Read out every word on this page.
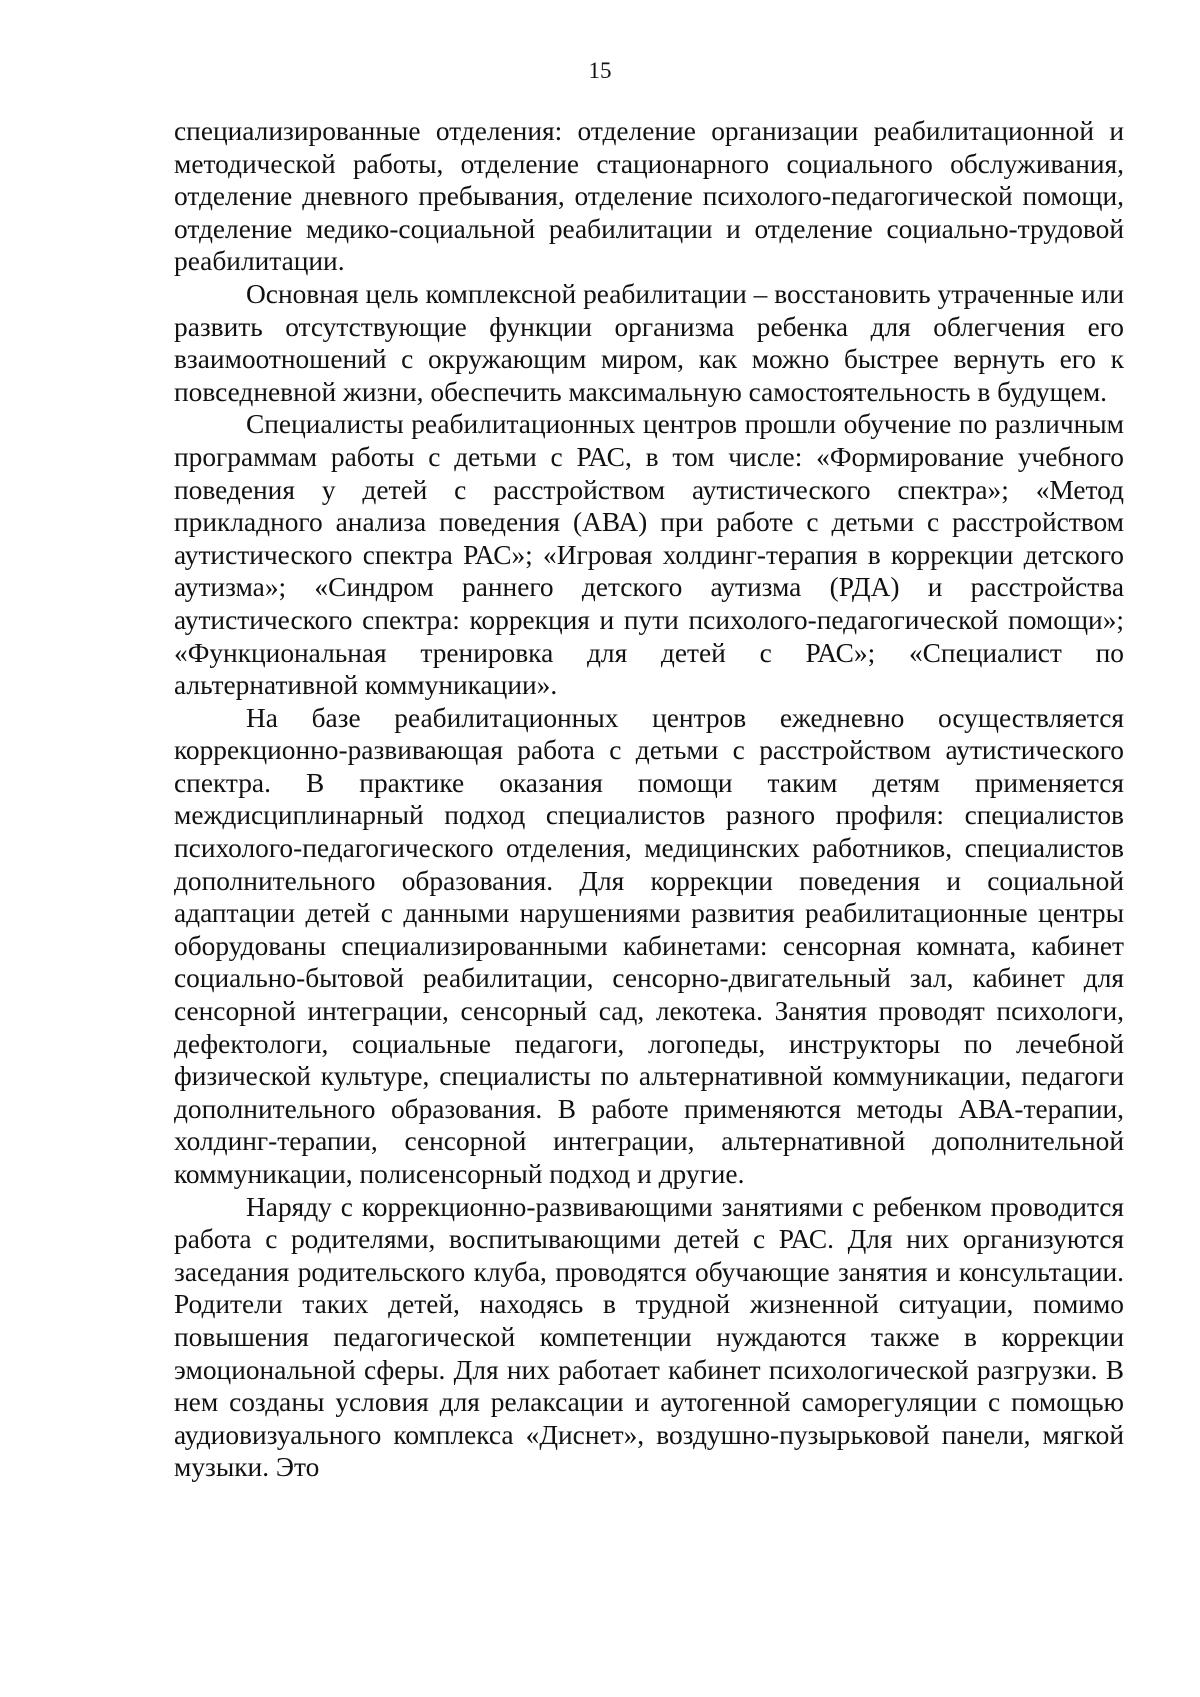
15

специализированные отделения: отделение организации реабилитационной и методической работы, отделение стационарного социального обслуживания, отделение дневного пребывания, отделение психолого-педагогической помощи, отделение медико-социальной реабилитации и отделение социально-трудовой реабилитации.

Основная цель комплексной реабилитации – восстановить утраченные или развить отсутствующие функции организма ребенка для облегчения его взаимоотношений с окружающим миром, как можно быстрее вернуть его к повседневной жизни, обеспечить максимальную самостоятельность в будущем.

Специалисты реабилитационных центров прошли обучение по различным программам работы с детьми с РАС, в том числе: «Формирование учебного поведения у детей с расстройством аутистического спектра»; «Метод прикладного анализа поведения (АВА) при работе с детьми с расстройством аутистического спектра РАС»; «Игровая холдинг-терапия в коррекции детского аутизма»; «Синдром раннего детского аутизма (РДА) и расстройства аутистического спектра: коррекция и пути психолого-педагогической помощи»; «Функциональная тренировка для детей с РАС»; «Специалист по альтернативной коммуникации».

На базе реабилитационных центров ежедневно осуществляется коррекционно-развивающая работа с детьми с расстройством аутистического спектра. В практике оказания помощи таким детям применяется междисциплинарный подход специалистов разного профиля: специалистов психолого-педагогического отделения, медицинских работников, специалистов дополнительного образования. Для коррекции поведения и социальной адаптации детей с данными нарушениями развития реабилитационные центры оборудованы специализированными кабинетами: сенсорная комната, кабинет социально-бытовой реабилитации, сенсорно-двигательный зал, кабинет для сенсорной интеграции, сенсорный сад, лекотека. Занятия проводят психологи, дефектологи, социальные педагоги, логопеды, инструкторы по лечебной физической культуре, специалисты по альтернативной коммуникации, педагоги дополнительного образования. В работе применяются методы АВА-терапии, холдинг-терапии, сенсорной интеграции, альтернативной дополнительной коммуникации, полисенсорный подход и другие.

Наряду с коррекционно-развивающими занятиями с ребенком проводится работа с родителями, воспитывающими детей с РАС. Для них организуются заседания родительского клуба, проводятся обучающие занятия и консультации. Родители таких детей, находясь в трудной жизненной ситуации, помимо повышения педагогической компетенции нуждаются также в коррекции эмоциональной сферы. Для них работает кабинет психологической разгрузки. В нем созданы условия для релаксации и аутогенной саморегуляции с помощью аудиовизуального комплекса «Диснет», воздушно-пузырьковой панели, мягкой музыки. Это
